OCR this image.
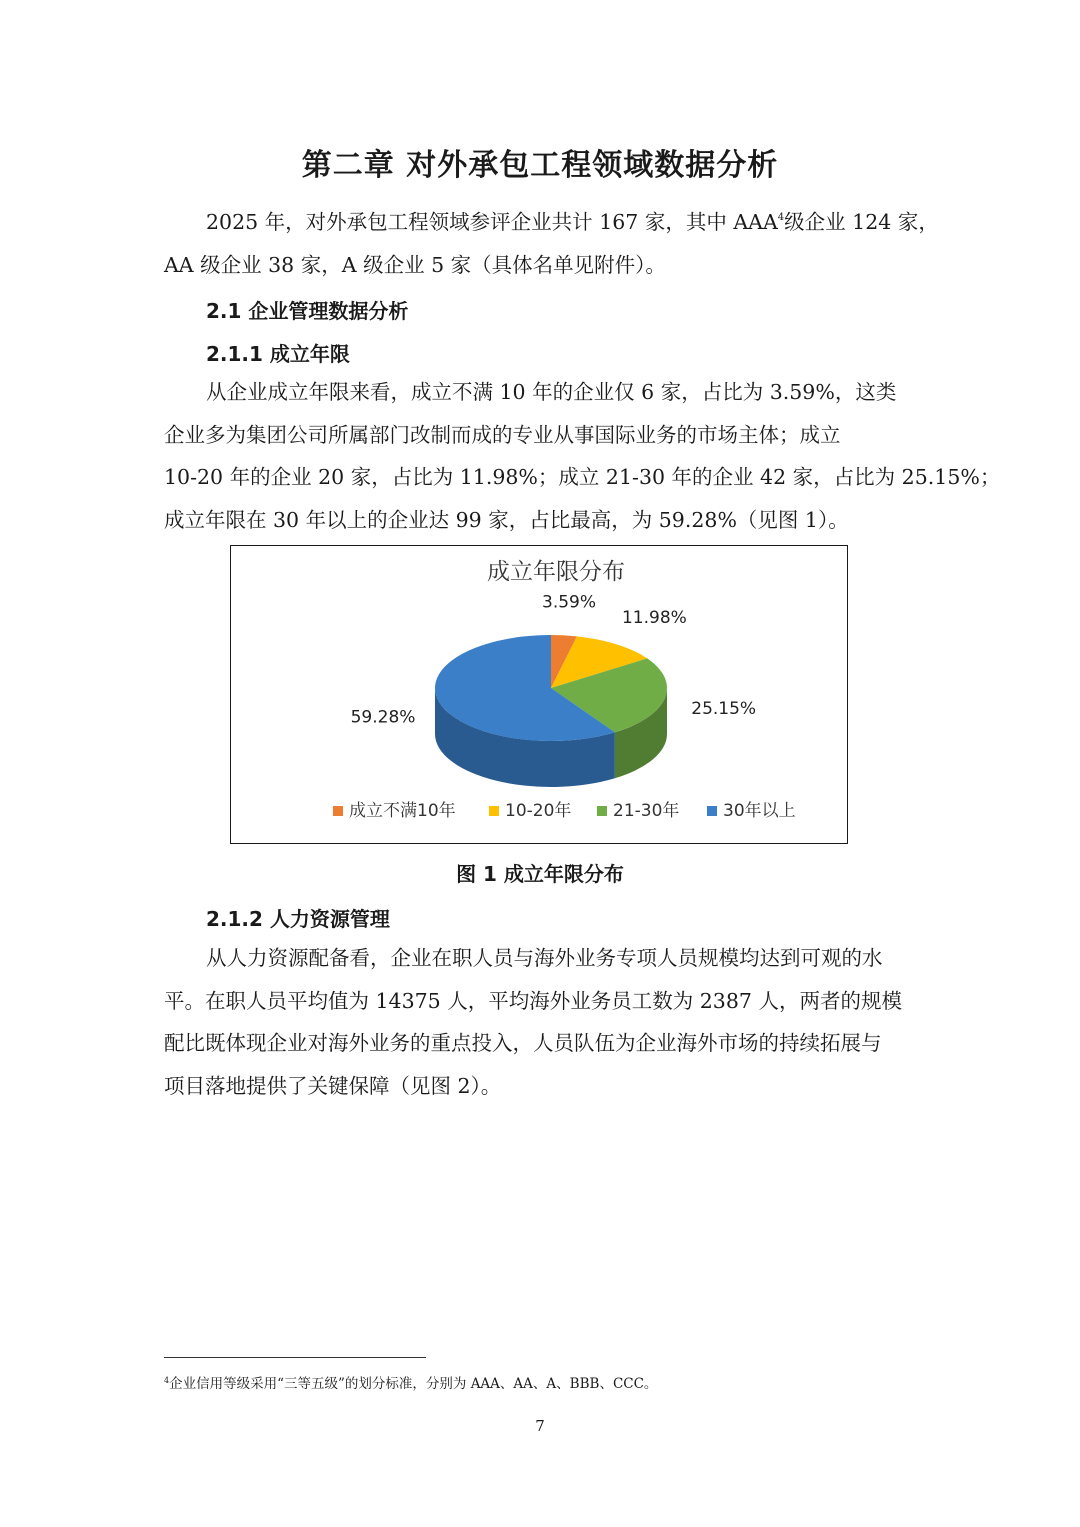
第二章 对外承包工程领域数据分析

2025 年，对外承包工程领域参评企业共计 167 家，其中 AAA$^4$级企业 124 家，
AA 级企业 38 家，A 级企业 5 家（具体名单见附件）。

2.1 企业管理数据分析
2.1.1 成立年限

从企业成立年限来看，成立不满 10 年的企业仅 6 家，占比为 3.59%，这类
企业多为集团公司所属部门改制而成的专业从事国际业务的市场主体；成立
10-20 年的企业 20 家，占比为 11.98%；成立 21-30 年的企业 42 家，占比为 25.15%；
成立年限在 30 年以上的企业达 99 家，占比最高，为 59.28%（见图 1）。

成立年限分布
3.59%
11.98%
25.15%
59.28%
成立不满10年	10-20年 21-30年	30年以上
图 1 成立年限分布
2.1.2 人力资源管理

从人力资源配备看，企业在职人员与海外业务专项人员规模均达到可观的水
平。在职人员平均值为 14375 人，平均海外业务员工数为 2387 人，两者的规模
配比既体现企业对海外业务的重点投入，人员队伍为企业海外市场的持续拓展与
项目落地提供了关键保障（见图 2）。

$^4$企业信用等级采用“三等五级”的划分标准，分别为 AAA、AA、A、BBB、CCC。
7
